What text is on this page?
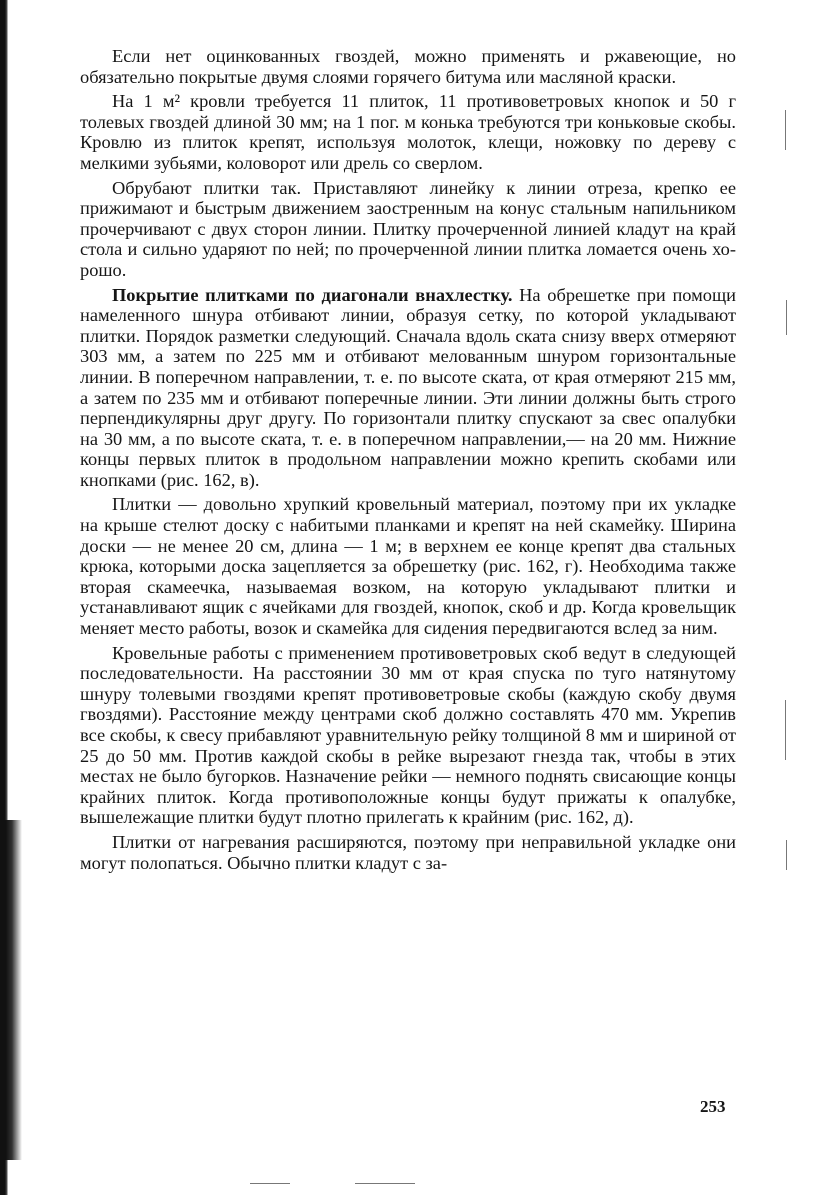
Если нет оцинкованных гвоздей, можно применять и ржавеющие, но обязательно покрытые двумя слоями горячего битума или масляной краски.

На 1 м² кровли требуется 11 плиток, 11 противоветровых кнопок и 50 г толевых гвоздей длиной 30 мм; на 1 пог. м конька требуются три коньковые скобы. Кровлю из плиток крепят, используя молоток, клещи, ножовку по дереву с мелкими зубьями, коловорот или дрель со сверлом.

Обрубают плитки так. Приставляют линейку к линии отреза, крепко ее прижимают и быстрым движением заостренным на конус стальным напильником прочерчивают с двух сторон линии. Плитку прочерченной линией кладут на край стола и сильно ударяют по ней; по прочерченной линии плитка ломается очень хорошо.

Покрытие плитками по диагонали внахлестку. На обрешетке при помощи намеленного шнура отбивают линии, образуя сетку, по которой укладывают плитки. Порядок разметки следующий. Сначала вдоль ската снизу вверх отмеряют 303 мм, а затем по 225 мм и отбивают мелованным шнуром горизонтальные линии. В поперечном направлении, т. е. по высоте ската, от края отмеряют 215 мм, а затем по 235 мм и отбивают поперечные линии. Эти линии должны быть строго перпендикулярны друг другу. По горизонтали плитку спускают за свес опалубки на 30 мм, а по высоте ската, т. е. в поперечном направлении,— на 20 мм. Нижние концы первых плиток в продольном направлении можно крепить скобами или кнопками (рис. 162, в).

Плитки — довольно хрупкий кровельный материал, поэтому при их укладке на крыше стелют доску с набитыми планками и крепят на ней скамейку. Ширина доски — не менее 20 см, длина — 1 м; в верхнем ее конце крепят два стальных крюка, которыми доска зацепляется за обрешетку (рис. 162, г). Необходима также вторая скамеечка, называемая возком, на которую укладывают плитки и устанавливают ящик с ячейками для гвоздей, кнопок, скоб и др. Когда кровельщик меняет место работы, возок и скамейка для сидения передвигаются вслед за ним.

Кровельные работы с применением противоветровых скоб ведут в следующей последовательности. На расстоянии 30 мм от края спуска по туго натянутому шнуру толевыми гвоздями крепят противоветровые скобы (каждую скобу двумя гвоздями). Расстояние между центрами скоб должно составлять 470 мм. Укрепив все скобы, к свесу прибавляют уравнительную рейку толщиной 8 мм и шириной от 25 до 50 мм. Против каждой скобы в рейке вырезают гнезда так, чтобы в этих местах не было бугорков. Назначение рейки — немного поднять свисающие концы крайних плиток. Когда противоположные концы будут прижаты к опалубке, вышележащие плитки будут плотно прилегать к крайним (рис. 162, д).

Плитки от нагревания расширяются, поэтому при неправильной укладке они могут полопаться. Обычно плитки кладут с за-

253
